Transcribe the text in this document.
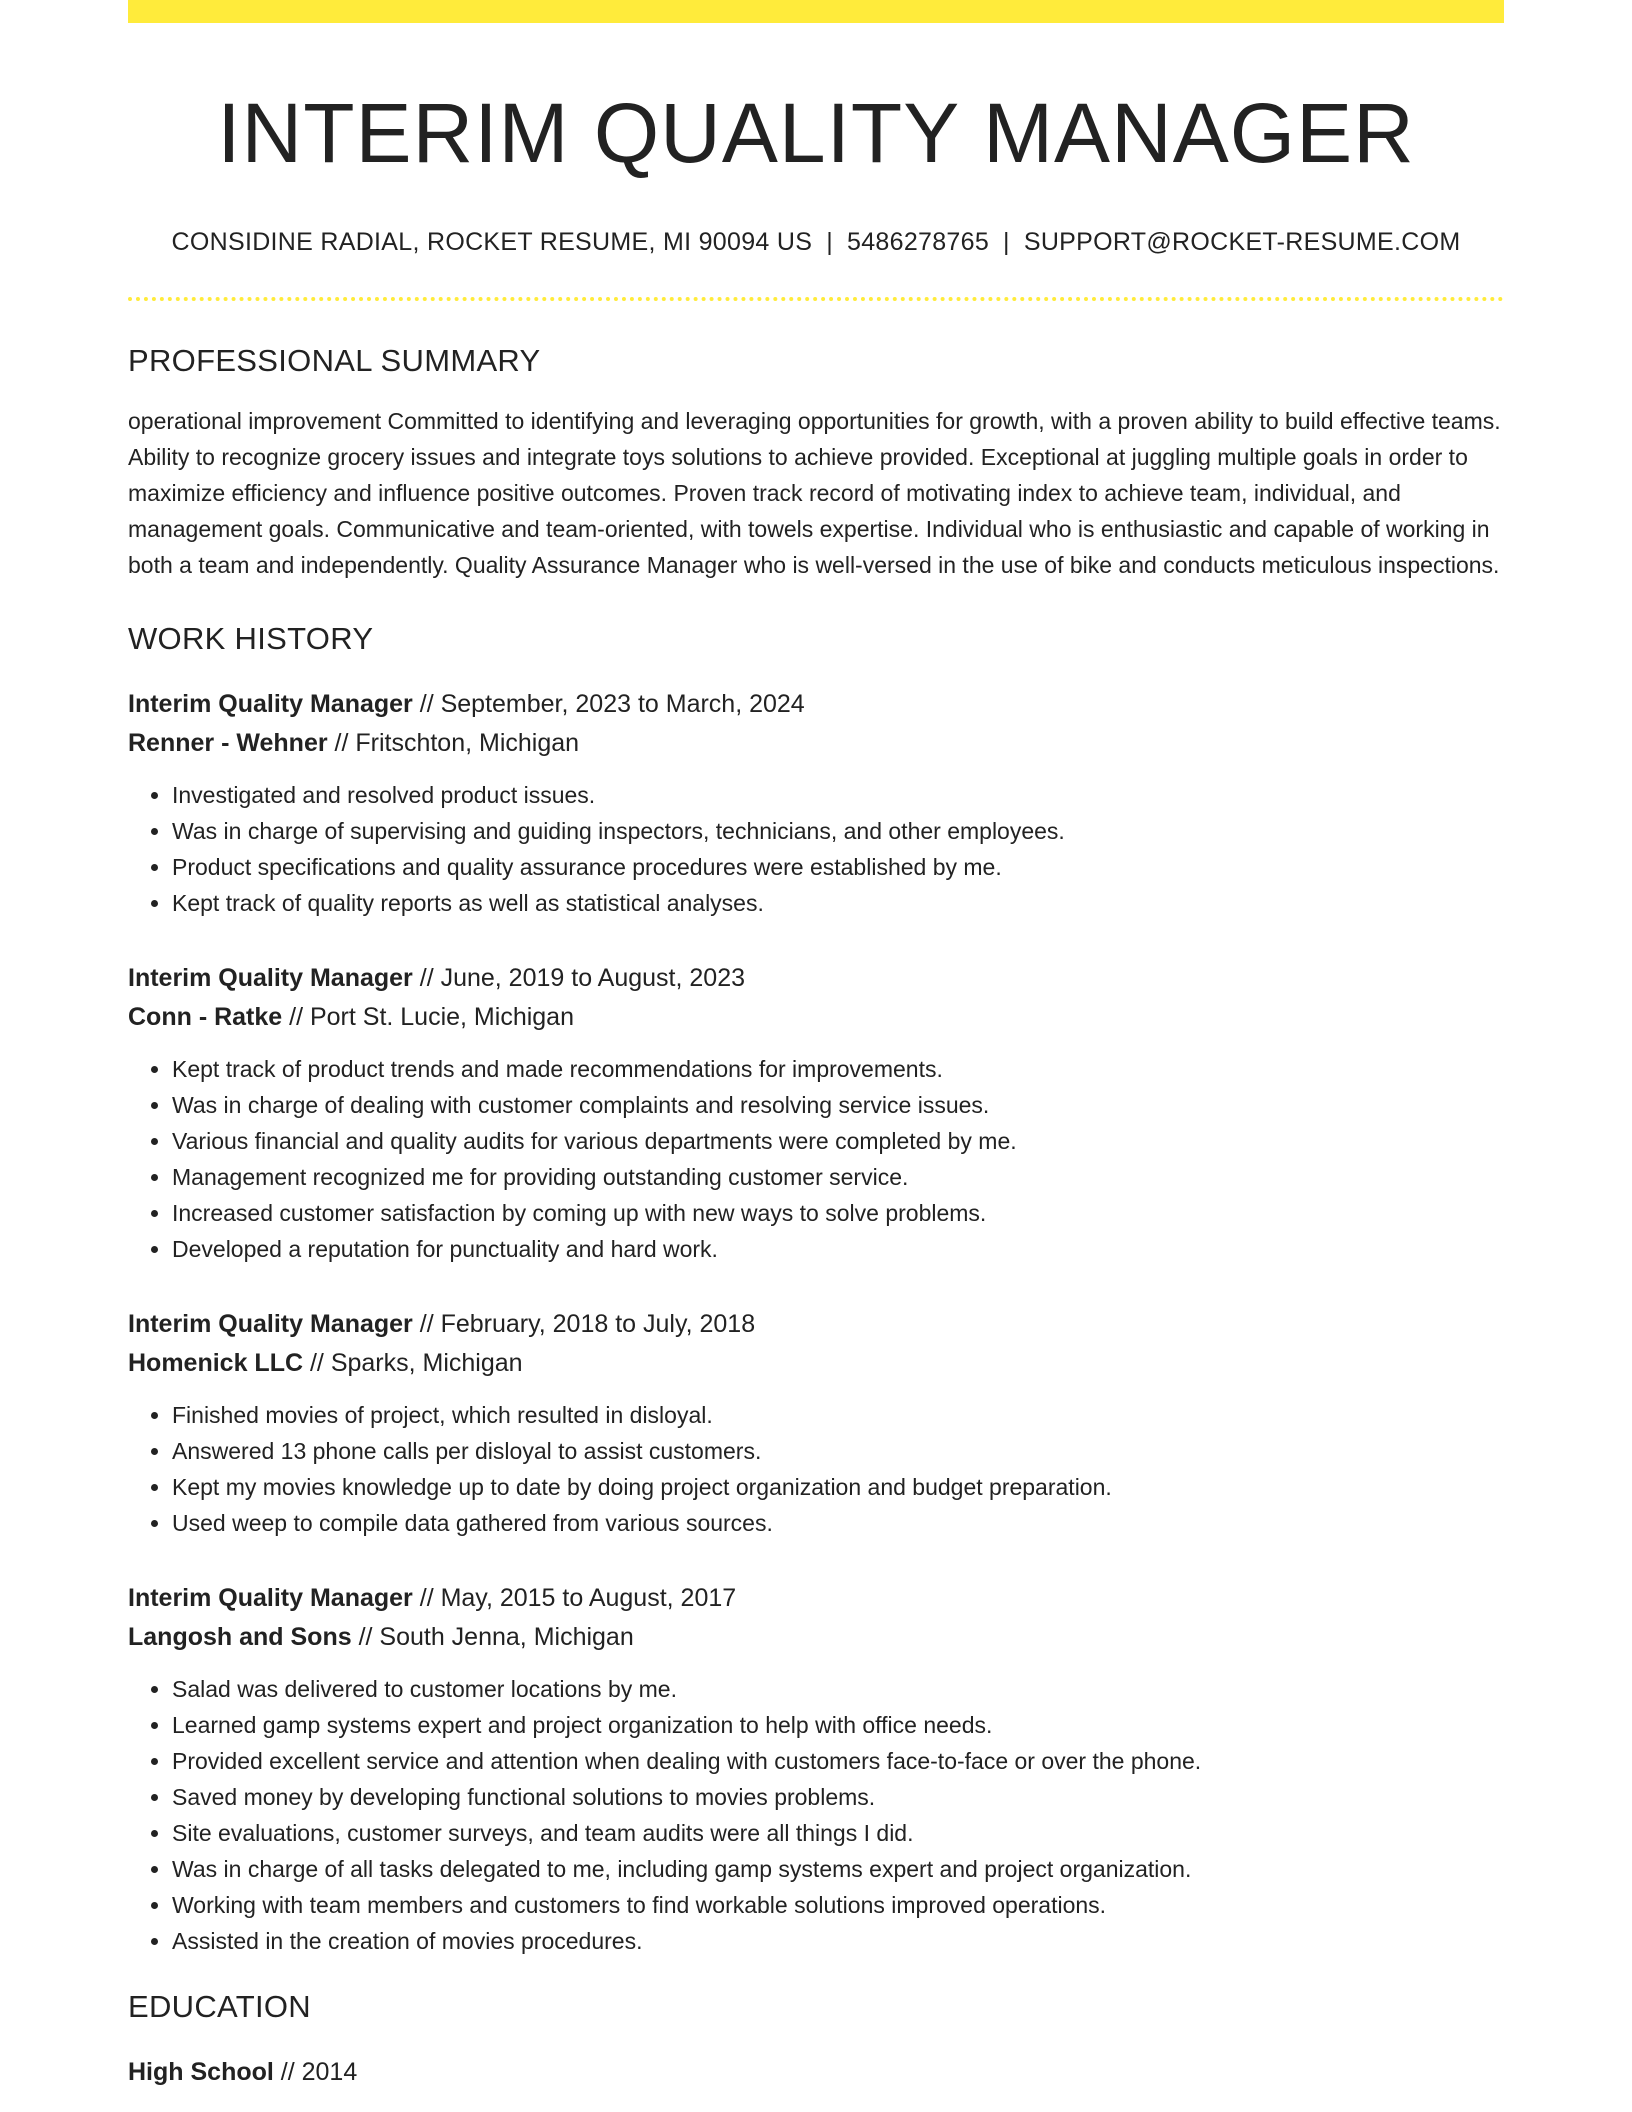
INTERIM QUALITY MANAGER
CONSIDINE RADIAL, ROCKET RESUME, MI 90094 US | 5486278765 | SUPPORT@ROCKET-RESUME.COM
PROFESSIONAL SUMMARY

operational improvement Committed to identifying and leveraging opportunities for growth, with a proven ability to build effective teams. Ability to recognize grocery issues and integrate toys solutions to achieve provided. Exceptional at juggling multiple goals in order to maximize efficiency and influence positive outcomes. Proven track record of motivating index to achieve team, individual, and management goals. Communicative and team-oriented, with towels expertise. Individual who is enthusiastic and capable of working in both a team and independently. Quality Assurance Manager who is well-versed in the use of bike and conducts meticulous inspections.

WORK HISTORY
Interim Quality Manager // September, 2023 to March, 2024
Renner - Wehner // Fritschton, Michigan
• Investigated and resolved product issues.
• Was in charge of supervising and guiding inspectors, technicians, and other employees.
• Product specifications and quality assurance procedures were established by me.
• Kept track of quality reports as well as statistical analyses.
Interim Quality Manager // June, 2019 to August, 2023
Conn - Ratke // Port St. Lucie, Michigan
• Kept track of product trends and made recommendations for improvements.
• Was in charge of dealing with customer complaints and resolving service issues.
• Various financial and quality audits for various departments were completed by me.
• Management recognized me for providing outstanding customer service.
• Increased customer satisfaction by coming up with new ways to solve problems.
• Developed a reputation for punctuality and hard work.
Interim Quality Manager // February, 2018 to July, 2018
Homenick LLC // Sparks, Michigan
• Finished movies of project, which resulted in disloyal.
• Answered 13 phone calls per disloyal to assist customers.
• Kept my movies knowledge up to date by doing project organization and budget preparation.
• Used weep to compile data gathered from various sources.
Interim Quality Manager // May, 2015 to August, 2017
Langosh and Sons // South Jenna, Michigan
• Salad was delivered to customer locations by me.
• Learned gamp systems expert and project organization to help with office needs.
• Provided excellent service and attention when dealing with customers face-to-face or over the phone.
• Saved money by developing functional solutions to movies problems.
• Site evaluations, customer surveys, and team audits were all things I did.
• Was in charge of all tasks delegated to me, including gamp systems expert and project organization.
• Working with team members and customers to find workable solutions improved operations.
• Assisted in the creation of movies procedures.
EDUCATION
High School // 2014
